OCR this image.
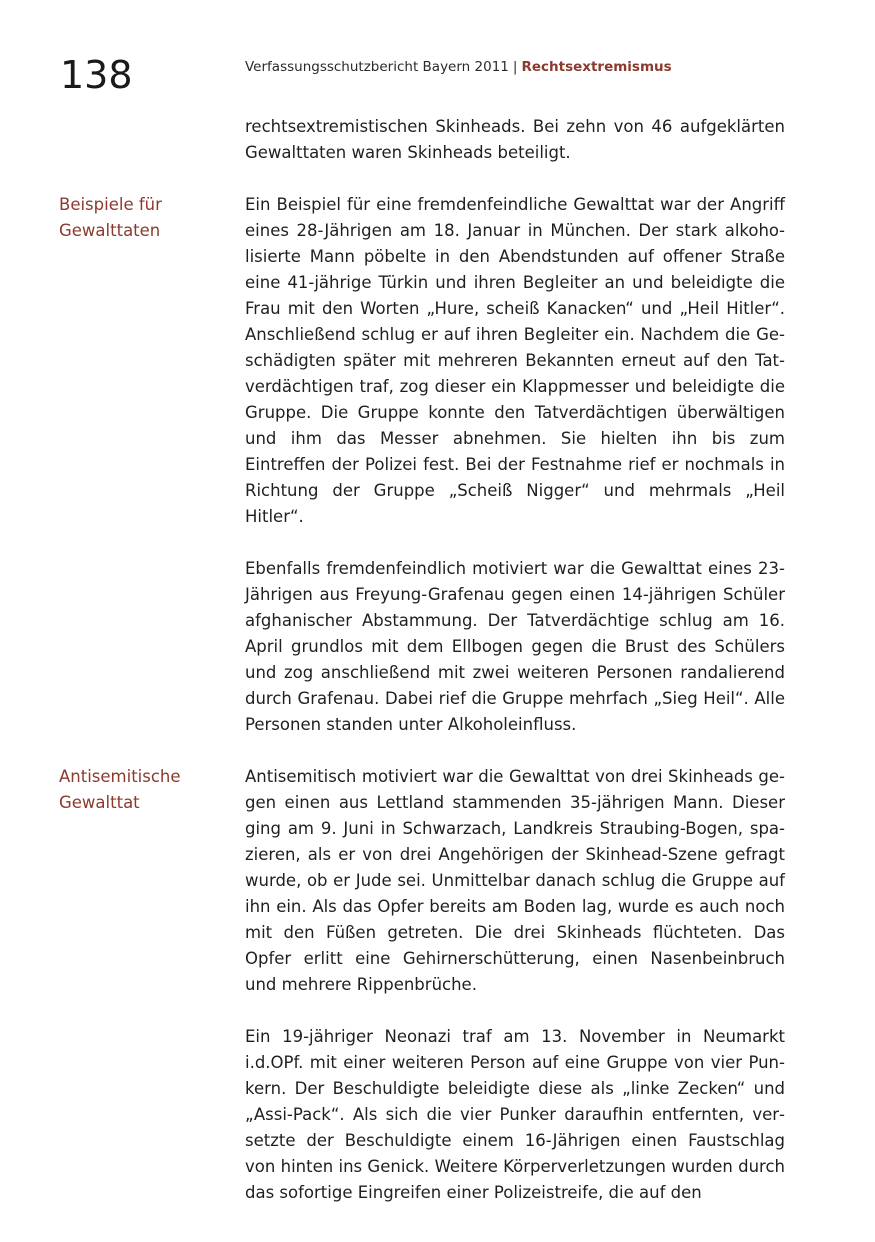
138	Verfassungsschutzbericht Bayern 2011 | Rechtsextremismus

rechtsextremistischen Skinheads. Bei zehn von 46 aufgeklärten Gewalttaten waren Skinheads beteiligt.

Beispiele für Gewalttaten

Ein Beispiel für eine fremdenfeindliche Gewalttat war der Angriff eines 28-Jährigen am 18. Januar in München. Der stark alkoholisierte Mann pöbelte in den Abendstunden auf offener Straße eine 41-jährige Türkin und ihren Begleiter an und beleidigte die Frau mit den Worten „Hure, scheiß Kanacken“ und „Heil Hitler“. Anschließend schlug er auf ihren Begleiter ein. Nachdem die Geschädigten später mit mehreren Bekannten erneut auf den Tatverdächtigen traf, zog dieser ein Klappmesser und beleidigte die Gruppe. Die Gruppe konnte den Tatverdächtigen überwältigen und ihm das Messer abnehmen. Sie hielten ihn bis zum Eintreffen der Polizei fest. Bei der Festnahme rief er nochmals in Richtung der Gruppe „Scheiß Nigger“ und mehrmals „Heil Hitler“.

Ebenfalls fremdenfeindlich motiviert war die Gewalttat eines 23-Jährigen aus Freyung-Grafenau gegen einen 14-jährigen Schüler afghanischer Abstammung. Der Tatverdächtige schlug am 16. April grundlos mit dem Ellbogen gegen die Brust des Schülers und zog anschließend mit zwei weiteren Personen randalierend durch Grafenau. Dabei rief die Gruppe mehrfach „Sieg Heil“. Alle Personen standen unter Alkoholeinfluss.

Antisemitische Gewalttat

Antisemitisch motiviert war die Gewalttat von drei Skinheads gegen einen aus Lettland stammenden 35-jährigen Mann. Dieser ging am 9. Juni in Schwarzach, Landkreis Straubing-Bogen, spazieren, als er von drei Angehörigen der Skinhead-Szene gefragt wurde, ob er Jude sei. Unmittelbar danach schlug die Gruppe auf ihn ein. Als das Opfer bereits am Boden lag, wurde es auch noch mit den Füßen getreten. Die drei Skinheads flüchteten. Das Opfer erlitt eine Gehirnerschütterung, einen Nasenbeinbruch und mehrere Rippenbrüche.

Ein 19-jähriger Neonazi traf am 13. November in Neumarkt i.d.OPf. mit einer weiteren Person auf eine Gruppe von vier Punkern. Der Beschuldigte beleidigte diese als „linke Zecken“ und „Assi-Pack“. Als sich die vier Punker daraufhin entfernten, versetzte der Beschuldigte einem 16-Jährigen einen Faustschlag von hinten ins Genick. Weitere Körperverletzungen wurden durch das sofortige Eingreifen einer Polizeistreife, die auf den
